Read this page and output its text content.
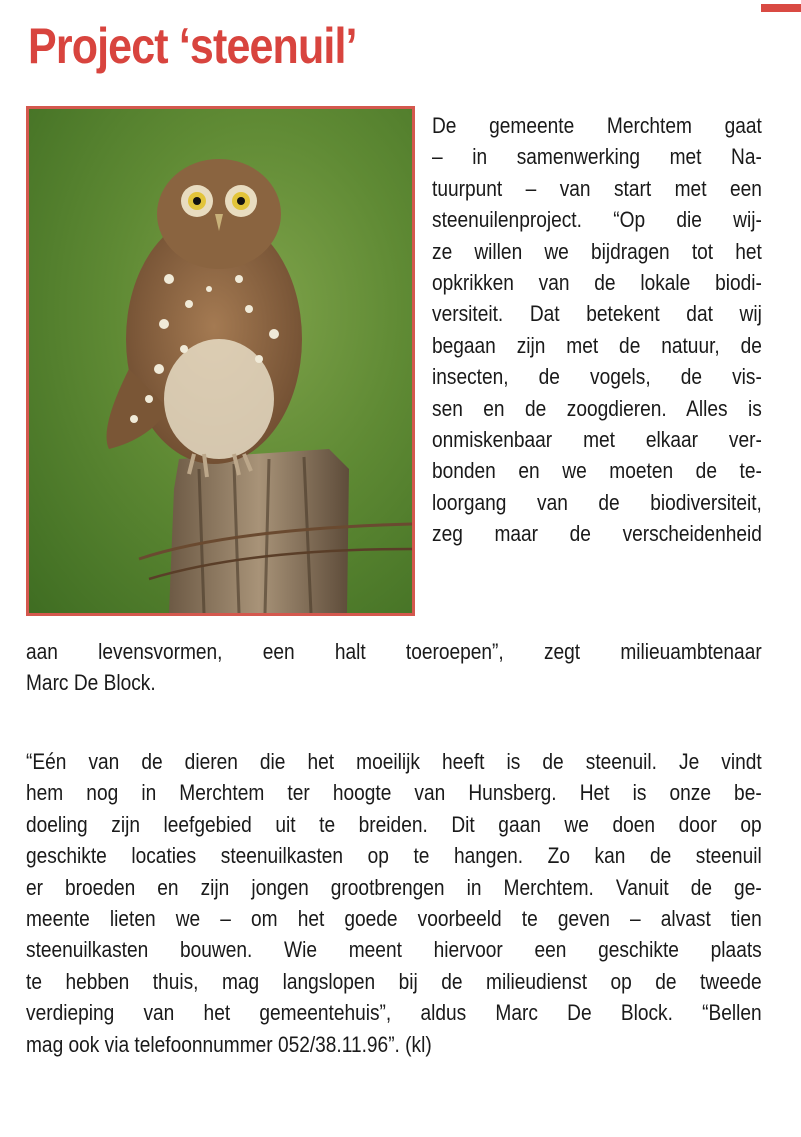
Project ‘steenuil’
De gemeente Merchtem gaat
– in samenwerking met Na-
tuurpunt – van start met een
steenuilenproject. “Op die wij-
ze willen we bijdragen tot het
opkrikken van de lokale biodi-
versiteit. Dat betekent dat wij
begaan zijn met de natuur, de
insecten, de vogels, de vis-
sen en de zoogdieren. Alles is
onmiskenbaar met elkaar ver-
bonden en we moeten de te-
loorgang van de biodiversiteit,
zeg maar de verscheidenheid
aan levensvormen, een halt toeroepen”, zegt milieuambtenaar
Marc De Block.
“Eén van de dieren die het moeilijk heeft is de steenuil. Je vindt
hem nog in Merchtem ter hoogte van Hunsberg. Het is onze be-
doeling zijn leefgebied uit te breiden. Dit gaan we doen door op
geschikte locaties steenuilkasten op te hangen. Zo kan de steenuil
er broeden en zijn jongen grootbrengen in Merchtem. Vanuit de ge-
meente lieten we – om het goede voorbeeld te geven – alvast tien
steenuilkasten bouwen. Wie meent hiervoor een geschikte plaats
te hebben thuis, mag langslopen bij de milieudienst op de tweede
verdieping van het gemeentehuis”, aldus Marc De Block. “Bellen
mag ook via telefoonnummer 052/38.11.96”. (kl)
